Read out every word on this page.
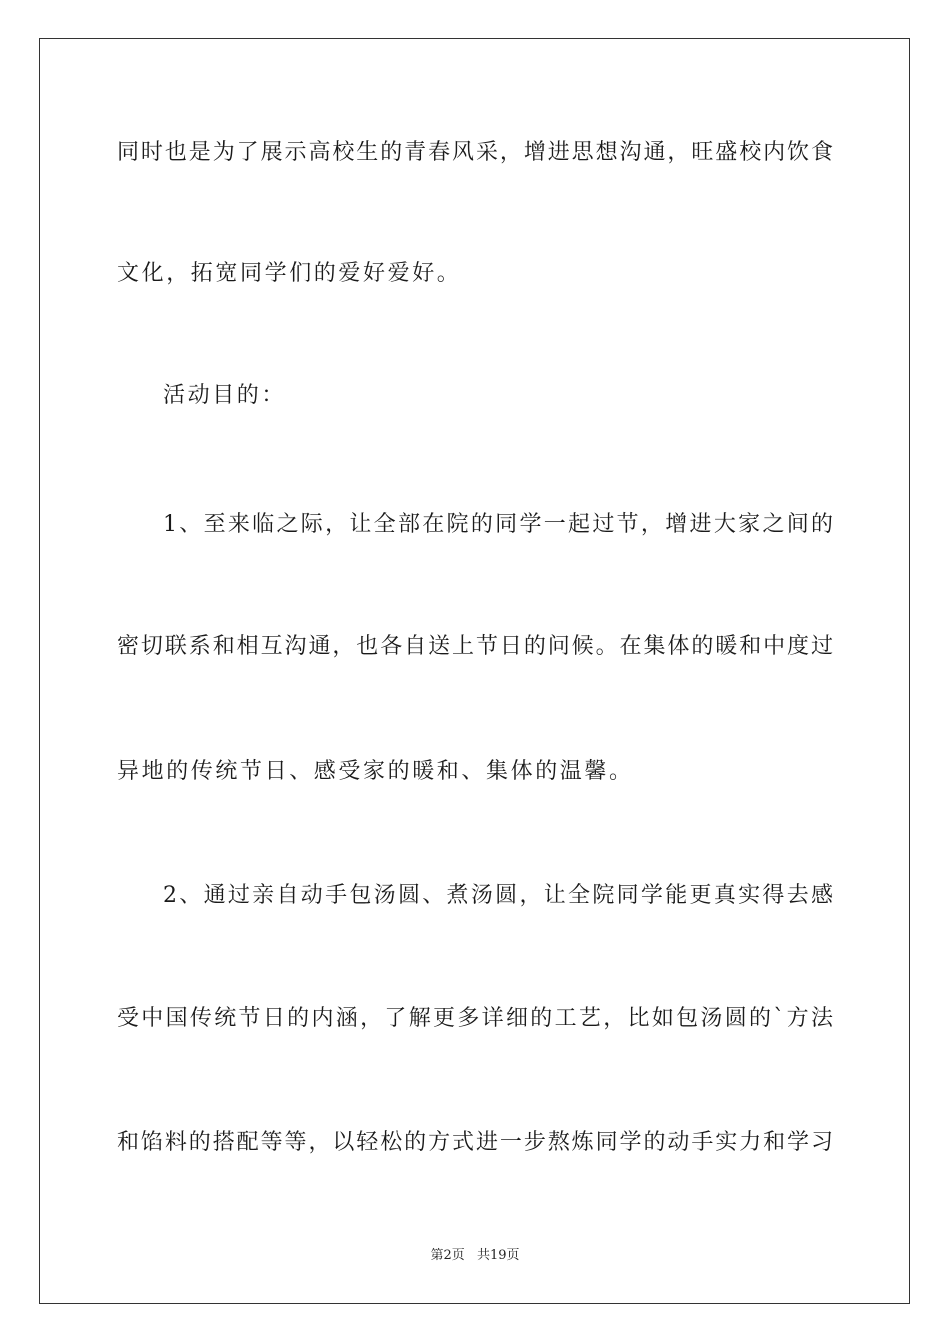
同时也是为了展示高校生的青春风采，增进思想沟通，旺盛校内饮食
文化，拓宽同学们的爱好爱好。
活动目的：
1、至来临之际，让全部在院的同学一起过节，增进大家之间的
密切联系和相互沟通，也各自送上节日的问候。在集体的暖和中度过
异地的传统节日、感受家的暖和、集体的温馨。
2、通过亲自动手包汤圆、煮汤圆，让全院同学能更真实得去感
受中国传统节日的内涵，了解更多详细的工艺，比如包汤圆的`方法
和馅料的搭配等等，以轻松的方式进一步熬炼同学的动手实力和学习
第2页 共19页
